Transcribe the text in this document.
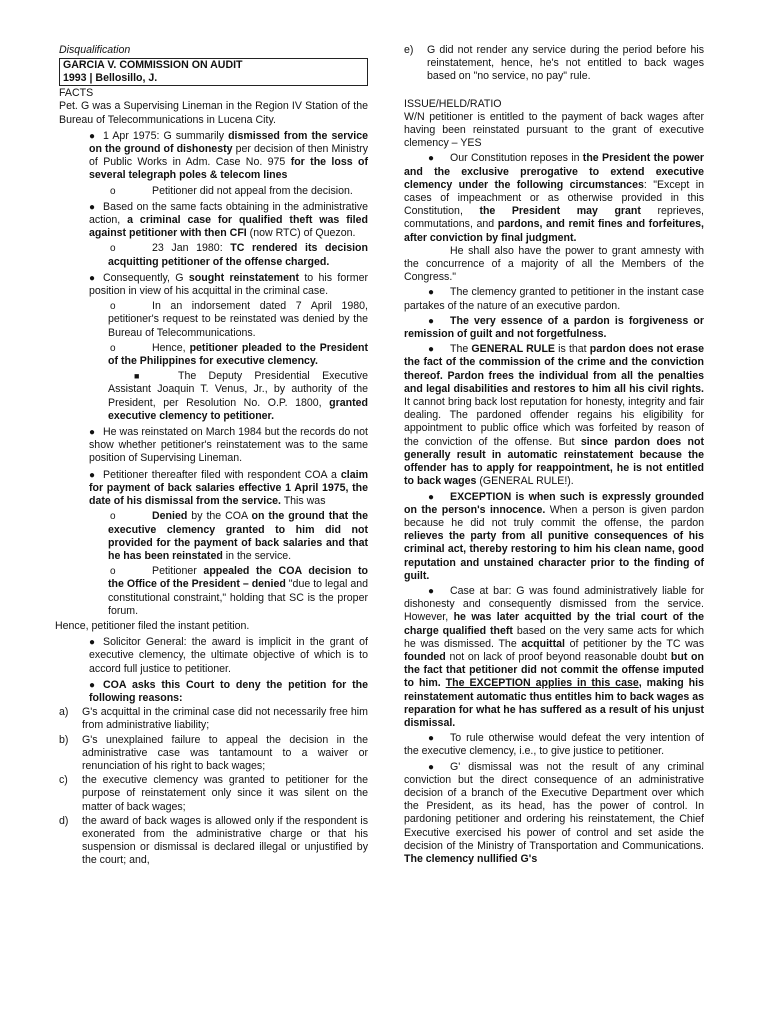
Disqualification

GARCIA V. COMMISSION ON AUDIT
1993 | Bellosillo, J.

FACTS

Pet. G was a Supervising Lineman in the Region IV Station of the Bureau of Telecommunications in Lucena City.

● 1 Apr 1975: G summarily dismissed from the service on the ground of dishonesty per decision of then Ministry of Public Works in Adm. Case No. 975 for the loss of several telegraph poles & telecom lines
o	Petitioner did not appeal from the decision.
● Based on the same facts obtaining in the administrative action, a criminal case for qualified theft was filed against petitioner with then CFI (now RTC) of Quezon.
o	23 Jan 1980: TC rendered its decision acquitting petitioner of the offense charged.
● Consequently, G sought reinstatement to his former position in view of his acquittal in the criminal case.
o	In an indorsement dated 7 April 1980, petitioner's request to be reinstated was denied by the Bureau of Telecommunications.
o	Hence, petitioner pleaded to the President of the Philippines for executive clemency.
■	The Deputy Presidential Executive Assistant Joaquin T. Venus, Jr., by authority of the President, per Resolution No. O.P. 1800, granted executive clemency to petitioner.
● He was reinstated on March 1984 but the records do not show whether petitioner's reinstatement was to the same position of Supervising Lineman.
● Petitioner thereafter filed with respondent COA a claim for payment of back salaries effective 1 April 1975, the date of his dismissal from the service. This was
o	Denied by the COA on the ground that the executive clemency granted to him did not provided for the payment of back salaries and that he has been reinstated in the service.
o	Petitioner appealed the COA decision to the Office of the President – denied "due to legal and constitutional constraint," holding that SC is the proper forum.

Hence, petitioner filed the instant petition.

● Solicitor General: the award is implicit in the grant of executive clemency, the ultimate objective of which is to accord full justice to petitioner.
● COA asks this Court to deny the petition for the following reasons:
a) G's acquittal in the criminal case did not necessarily free him from administrative liability;
b) G's unexplained failure to appeal the decision in the administrative case was tantamount to a waiver or renunciation of his right to back wages;
c) the executive clemency was granted to petitioner for the purpose of reinstatement only since it was silent on the matter of back wages;
d) the award of back wages is allowed only if the respondent is exonerated from the administrative charge or that his suspension or dismissal is declared illegal or unjustified by the court; and,
e) G did not render any service during the period before his reinstatement, hence, he's not entitled to back wages based on "no service, no pay" rule.

ISSUE/HELD/RATIO

W/N petitioner is entitled to the payment of back wages after having been reinstated pursuant to the grant of executive clemency – YES

●	Our Constitution reposes in the President the power and the exclusive prerogative to extend executive clemency under the following circumstances: "Except in cases of impeachment or as otherwise provided in this Constitution, the President may grant reprieves, commutations, and pardons, and remit fines and forfeitures, after conviction by final judgment.

He shall also have the power to grant amnesty with the concurrence of a majority of all the Members of the Congress."

●	The clemency granted to petitioner in the instant case partakes of the nature of an executive pardon.
●	The very essence of a pardon is forgiveness or remission of guilt and not forgetfulness.
●	The GENERAL RULE is that pardon does not erase the fact of the commission of the crime and the conviction thereof. Pardon frees the individual from all the penalties and legal disabilities and restores to him all his civil rights. It cannot bring back lost reputation for honesty, integrity and fair dealing. The pardoned offender regains his eligibility for appointment to public office which was forfeited by reason of the conviction of the offense. But since pardon does not generally result in automatic reinstatement because the offender has to apply for reappointment, he is not entitled to back wages (GENERAL RULE!).
●	EXCEPTION is when such is expressly grounded on the person's innocence. When a person is given pardon because he did not truly commit the offense, the pardon relieves the party from all punitive consequences of his criminal act, thereby restoring to him his clean name, good reputation and unstained character prior to the finding of guilt.
●	Case at bar: G was found administratively liable for dishonesty and consequently dismissed from the service. However, he was later acquitted by the trial court of the charge qualified theft based on the very same acts for which he was dismissed. The acquittal of petitioner by the TC was founded not on lack of proof beyond reasonable doubt but on the fact that petitioner did not commit the offense imputed to him. The EXCEPTION applies in this case, making his reinstatement automatic thus entitles him to back wages as reparation for what he has suffered as a result of his unjust dismissal.
●	To rule otherwise would defeat the very intention of the executive clemency, i.e., to give justice to petitioner.
●	G' dismissal was not the result of any criminal conviction but the direct consequence of an administrative decision of a branch of the Executive Department over which the President, as its head, has the power of control. In pardoning petitioner and ordering his reinstatement, the Chief Executive exercised his power of control and set aside the decision of the Ministry of Transportation and Communications. The clemency nullified G's
